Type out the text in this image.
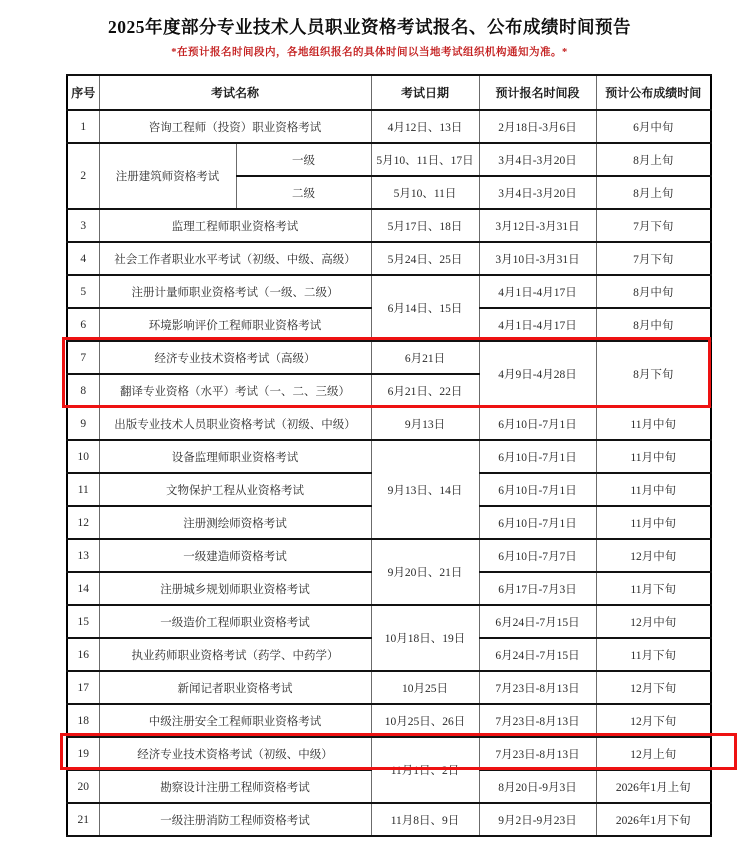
2025年度部分专业技术人员职业资格考试报名、公布成绩时间预告
*在预计报名时间段内，各地组织报名的具体时间以当地考试组织机构通知为准。*
序号	考试名称		考试日期	预计报名时间段	预计公布成绩时间
1	咨询工程师（投资）职业资格考试		4月12日、13日	2月18日-3月6日	6月中旬
2	注册建筑师资格考试	一级	5月10、11日、17日	3月4日-3月20日	8月上旬
		二级	5月10、11日	3月4日-3月20日	8月上旬
3	监理工程师职业资格考试		5月17日、18日	3月12日-3月31日	7月下旬
4	社会工作者职业水平考试（初级、中级、高级）		5月24日、25日	3月10日-3月31日	7月下旬
5	注册计量师职业资格考试（一级、二级）		6月14日、15日	4月1日-4月17日	8月中旬
6	环境影响评价工程师职业资格考试			4月1日-4月17日	8月中旬
7	经济专业技术资格考试（高级）		6月21日	4月9日-4月28日	8月下旬
8	翻译专业资格（水平）考试（一、二、三级）		6月21日、22日		
9	出版专业技术人员职业资格考试（初级、中级）		9月13日	6月10日-7月1日	11月中旬
10	设备监理师职业资格考试		9月13日、14日	6月10日-7月1日	11月中旬
11	文物保护工程从业资格考试			6月10日-7月1日	11月中旬
12	注册测绘师资格考试			6月10日-7月1日	11月中旬
13	一级建造师资格考试		9月20日、21日	6月10日-7月7日	12月中旬
14	注册城乡规划师职业资格考试			6月17日-7月3日	11月下旬
15	一级造价工程师职业资格考试		10月18日、19日	6月24日-7月15日	12月中旬
16	执业药师职业资格考试（药学、中药学）			6月24日-7月15日	11月下旬
17	新闻记者职业资格考试		10月25日	7月23日-8月13日	12月下旬
18	中级注册安全工程师职业资格考试		10月25日、26日	7月23日-8月13日	12月下旬
19	经济专业技术资格考试（初级、中级）		11月1日、2日	7月23日-8月13日	12月上旬
20	勘察设计注册工程师资格考试			8月20日-9月3日	2026年1月上旬
21	一级注册消防工程师资格考试		11月8日、9日	9月2日-9月23日	2026年1月下旬
